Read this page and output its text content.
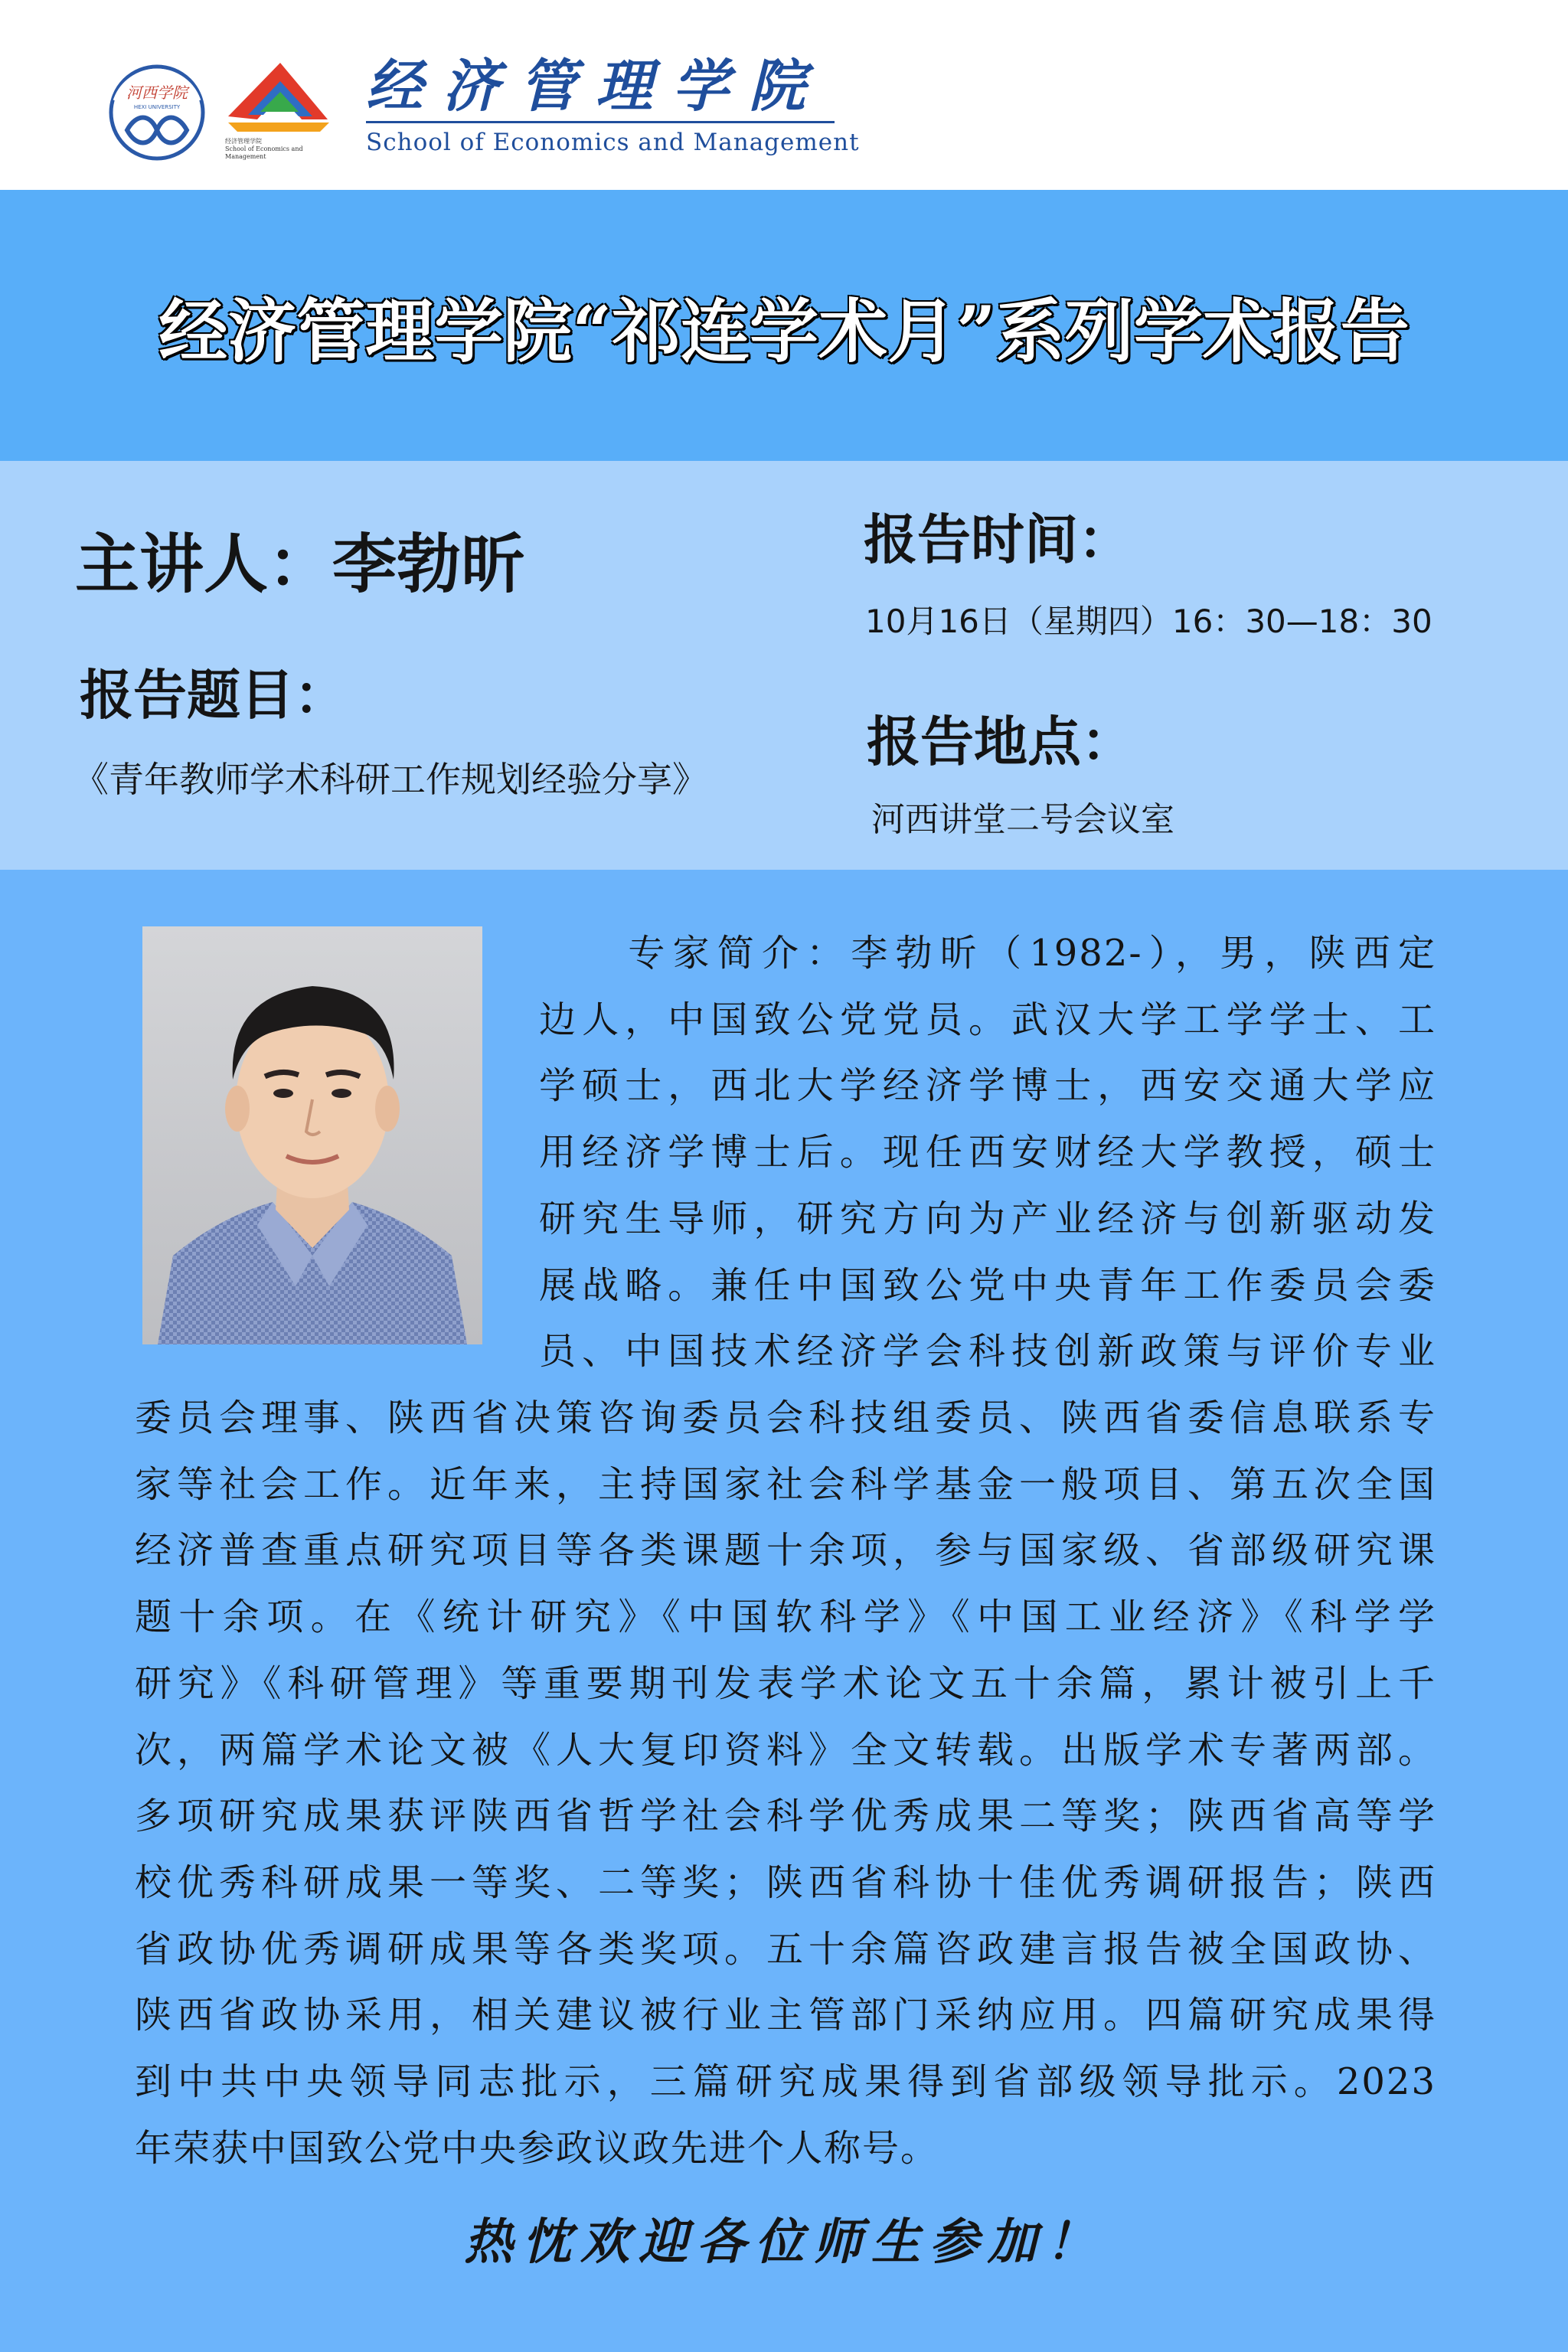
河西学院
HEXI UNIVERSITY
经济管理学院
School of Economics and Management
经济管理学院
School of Economics and Management
经济管理学院“祁连学术月”系列学术报告
主讲人：李勃昕
报告题目：
《青年教师学术科研工作规划经验分享》
报告时间：
10月16日（星期四）16：30—18：30
报告地点：
河西讲堂二号会议室
　　专家简介：李勃昕（1982-），男，陕西定
边人，中国致公党党员。武汉大学工学学士、工
学硕士，西北大学经济学博士，西安交通大学应
用经济学博士后。现任西安财经大学教授，硕士
研究生导师，研究方向为产业经济与创新驱动发
展战略。兼任中国致公党中央青年工作委员会委
员、中国技术经济学会科技创新政策与评价专业
委员会理事、陕西省决策咨询委员会科技组委员、陕西省委信息联系专
家等社会工作。近年来，主持国家社会科学基金一般项目、第五次全国
经济普查重点研究项目等各类课题十余项，参与国家级、省部级研究课
题十余项。在《统计研究》《中国软科学》《中国工业经济》《科学学
研究》《科研管理》等重要期刊发表学术论文五十余篇，累计被引上千
次，两篇学术论文被《人大复印资料》全文转载。出版学术专著两部。
多项研究成果获评陕西省哲学社会科学优秀成果二等奖；陕西省高等学
校优秀科研成果一等奖、二等奖；陕西省科协十佳优秀调研报告；陕西
省政协优秀调研成果等各类奖项。五十余篇咨政建言报告被全国政协、
陕西省政协采用，相关建议被行业主管部门采纳应用。四篇研究成果得
到中共中央领导同志批示，三篇研究成果得到省部级领导批示。2023
年荣获中国致公党中央参政议政先进个人称号。
热忱欢迎各位师生参加！
